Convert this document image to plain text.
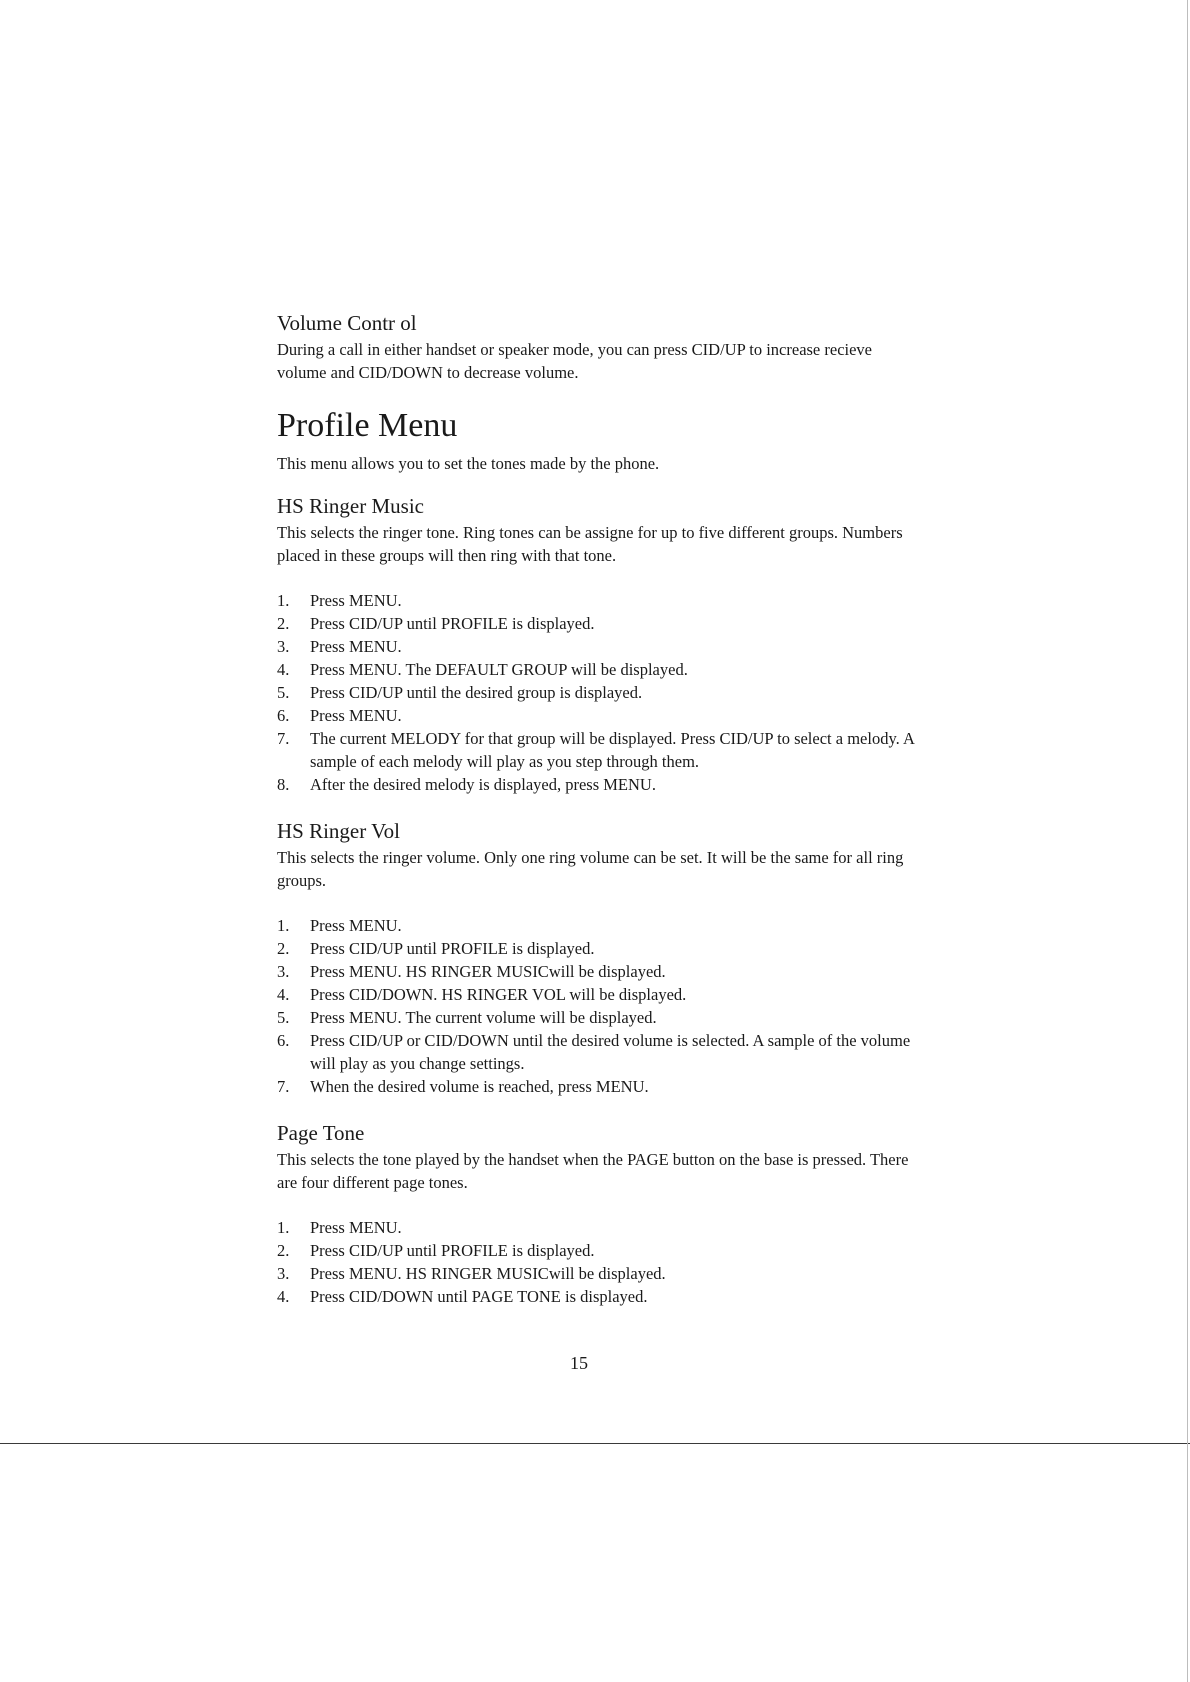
Volume Contr ol

During a call in either handset or speaker mode, you can press CID/UP to increase recieve volume and CID/DOWN to decrease volume.

Profile Menu

This menu allows you to set the tones made by the phone.

HS Ringer Music

This selects the ringer tone. Ring tones can be assigne for up to five different groups. Numbers placed in these groups will then ring with that tone.

1. Press MENU.
2. Press CID/UP until PROFILE is displayed.
3. Press MENU.
4. Press MENU. The DEFAULT GROUP will be displayed.
5. Press CID/UP until the desired group is displayed.
6. Press MENU.
7. The current MELODY for that group will be displayed. Press CID/UP to select a melody. A sample of each melody will play as you step through them.
8. After the desired melody is displayed, press MENU.
HS Ringer Vol

This selects the ringer volume. Only one ring volume can be set. It will be the same for all ring groups.

1. Press MENU.
2. Press CID/UP until PROFILE is displayed.
3. Press MENU. HS RINGER MUSICwill be displayed.
4. Press CID/DOWN. HS RINGER VOL will be displayed.
5. Press MENU. The current volume will be displayed.
6. Press CID/UP or CID/DOWN until the desired volume is selected. A sample of the volume will play as you change settings.
7. When the desired volume is reached, press MENU.
Page Tone

This selects the tone played by the handset when the PAGE button on the base is pressed. There are four different page tones.

1. Press MENU.
2. Press CID/UP until PROFILE is displayed.
3. Press MENU. HS RINGER MUSICwill be displayed.
4. Press CID/DOWN until PAGE TONE is displayed.
15
